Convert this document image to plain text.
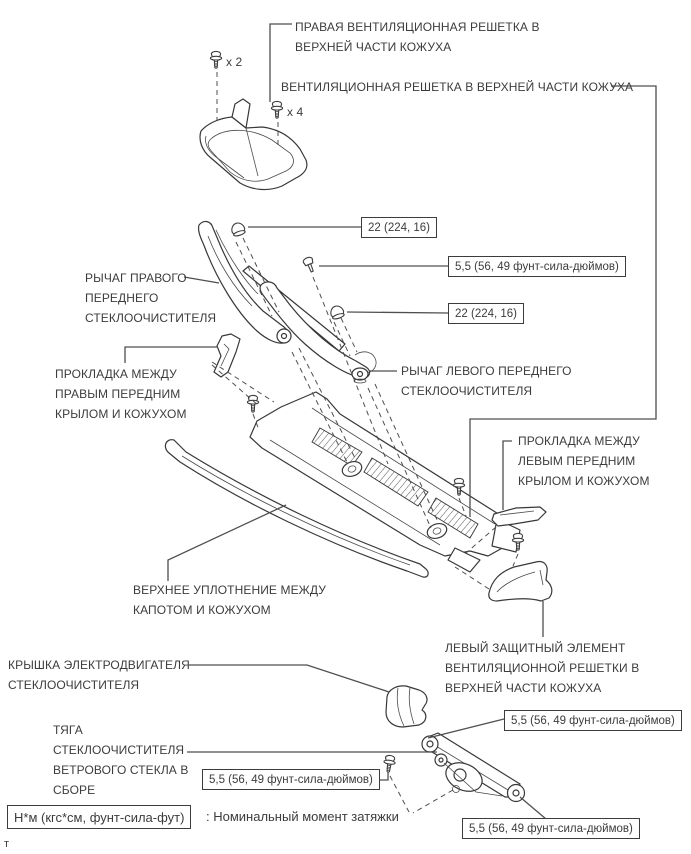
ПРАВАЯ ВЕНТИЛЯЦИОННАЯ РЕШЕТКА В
ВЕРХНЕЙ ЧАСТИ КОЖУХА
ВЕНТИЛЯЦИОННАЯ РЕШЕТКА В ВЕРХНЕЙ ЧАСТИ КОЖУХА
x 2
x 4
22 (224, 16)
5,5 (56, 49 фунт-сила-дюймов)
22 (224, 16)
РЫЧАГ ПРАВОГО
ПЕРЕДНЕГО
СТЕКЛООЧИСТИТЕЛЯ
РЫЧАГ ЛЕВОГО ПЕРЕДНЕГО
СТЕКЛООЧИСТИТЕЛЯ
ПРОКЛАДКА МЕЖДУ
ПРАВЫМ ПЕРЕДНИМ
КРЫЛОМ И КОЖУХОМ
ПРОКЛАДКА МЕЖДУ
ЛЕВЫМ ПЕРЕДНИМ
КРЫЛОМ И КОЖУХОМ
ВЕРХНЕЕ УПЛОТНЕНИЕ МЕЖДУ
КАПОТОМ И КОЖУХОМ
КРЫШКА ЭЛЕКТРОДВИГАТЕЛЯ
СТЕКЛООЧИСТИТЕЛЯ
ЛЕВЫЙ ЗАЩИТНЫЙ ЭЛЕМЕНТ
ВЕНТИЛЯЦИОННОЙ РЕШЕТКИ В
ВЕРХНЕЙ ЧАСТИ КОЖУХА
5,5 (56, 49 фунт-сила-дюймов)
ТЯГА
СТЕКЛООЧИСТИТЕЛЯ
ВЕТРОВОГО СТЕКЛА В
СБОРЕ
5,5 (56, 49 фунт-сила-дюймов)
5,5 (56, 49 фунт-сила-дюймов)
Н*м (кгс*см, фунт-сила-фут)	: Номинальный момент затяжки
т
